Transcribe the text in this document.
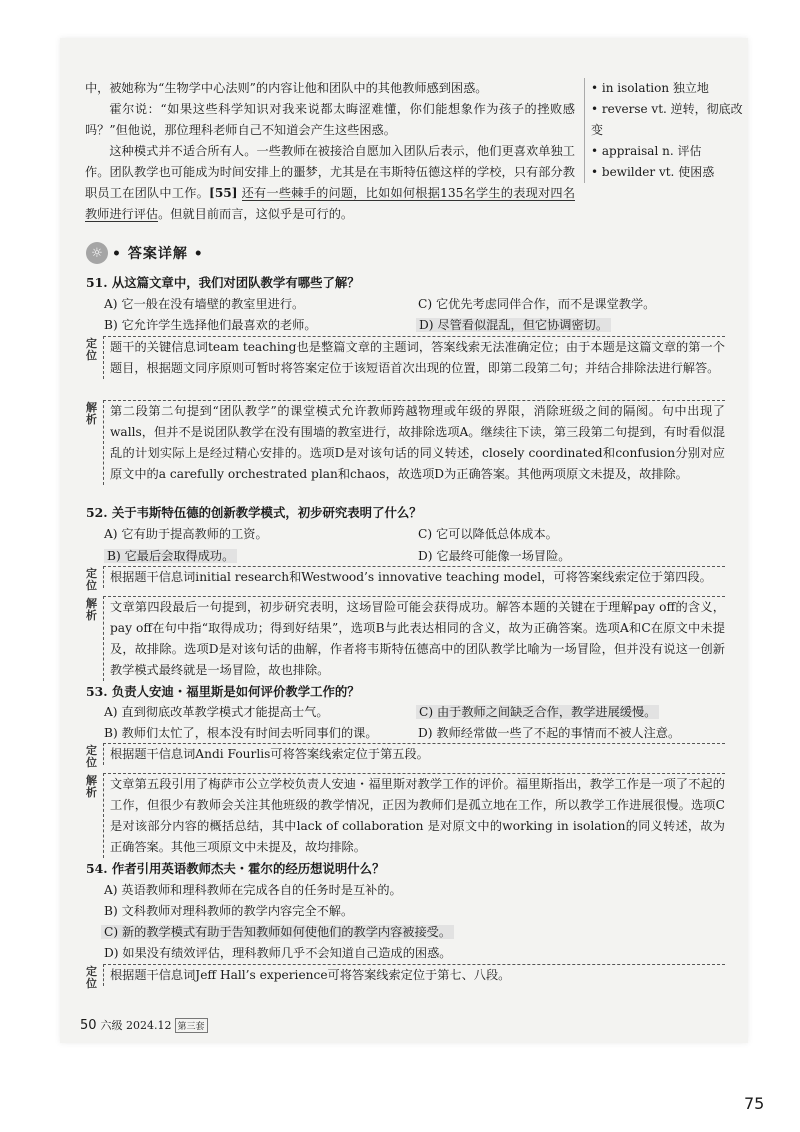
中，被她称为“生物学中心法则”的内容让他和团队中的其他教师感到困惑。

霍尔说：“如果这些科学知识对我来说都太晦涩难懂，你们能想象作为孩子的挫败感吗？”但他说，那位理科老师自己不知道会产生这些困惑。

这种模式并不适合所有人。一些教师在被接洽自愿加入团队后表示，他们更喜欢单独工作。团队教学也可能成为时间安排上的噩梦，尤其是在韦斯特伍德这样的学校，只有部分教职员工在团队中工作。[55] 还有一些棘手的问题，比如如何根据135名学生的表现对四名教师进行评估。但就目前而言，这似乎是可行的。

• in isolation 独立地
• reverse vt. 逆转，彻底改变
• appraisal n. 评估
• bewilder vt. 使困惑
☼ • 答案详解 •
51. 从这篇文章中，我们对团队教学有哪些了解？
A) 它一般在没有墙壁的教室里进行。	C) 它优先考虑同伴合作，而不是课堂教学。
B) 它允许学生选择他们最喜欢的老师。	D) 尽管看似混乱，但它协调密切。
定位

题干的关键信息词team teaching也是整篇文章的主题词，答案线索无法准确定位；由于本题是这篇文章的第一个题目，根据题文同序原则可暂时将答案定位于该短语首次出现的位置，即第二段第二句；并结合排除法进行解答。

解析

第二段第二句提到“团队教学”的课堂模式允许教师跨越物理或年级的界限，消除班级之间的隔阂。句中出现了walls，但并不是说团队教学在没有围墙的教室进行，故排除选项A。继续往下读，第三段第二句提到，有时看似混乱的计划实际上是经过精心安排的。选项D是对该句话的同义转述，closely coordinated和confusion分别对应原文中的a carefully orchestrated plan和chaos，故选项D为正确答案。其他两项原文未提及，故排除。

52. 关于韦斯特伍德的创新教学模式，初步研究表明了什么？
A) 它有助于提高教师的工资。	C) 它可以降低总体成本。
B) 它最后会取得成功。	D) 它最终可能像一场冒险。
定位

根据题干信息词initial research和Westwood’s innovative teaching model，可将答案线索定位于第四段。

解析

文章第四段最后一句提到，初步研究表明，这场冒险可能会获得成功。解答本题的关键在于理解pay off的含义，pay off在句中指“取得成功；得到好结果”，选项B与此表达相同的含义，故为正确答案。选项A和C在原文中未提及，故排除。选项D是对该句话的曲解，作者将韦斯特伍德高中的团队教学比喻为一场冒险，但并没有说这一创新教学模式最终就是一场冒险，故也排除。

53. 负责人安迪・福里斯是如何评价教学工作的？
A) 直到彻底改革教学模式才能提高士气。	C) 由于教师之间缺乏合作，教学进展缓慢。
B) 教师们太忙了，根本没有时间去听同事们的课。	D) 教师经常做一些了不起的事情而不被人注意。
定位

根据题干信息词Andi Fourlis可将答案线索定位于第五段。

解析

文章第五段引用了梅萨市公立学校负责人安迪・福里斯对教学工作的评价。福里斯指出，教学工作是一项了不起的工作，但很少有教师会关注其他班级的教学情况，正因为教师们是孤立地在工作，所以教学工作进展很慢。选项C是对该部分内容的概括总结，其中lack of collaboration 是对原文中的working in isolation的同义转述，故为正确答案。其他三项原文中未提及，故均排除。

54. 作者引用英语教师杰夫・霍尔的经历想说明什么？
A) 英语教师和理科教师在完成各自的任务时是互补的。
B) 文科教师对理科教师的教学内容完全不解。
C) 新的教学模式有助于告知教师如何使他们的教学内容被接受。
D) 如果没有绩效评估，理科教师几乎不会知道自己造成的困惑。
定位

根据题干信息词Jeff Hall’s experience可将答案线索定位于第七、八段。

50 六级 2024.12 第三套
75
